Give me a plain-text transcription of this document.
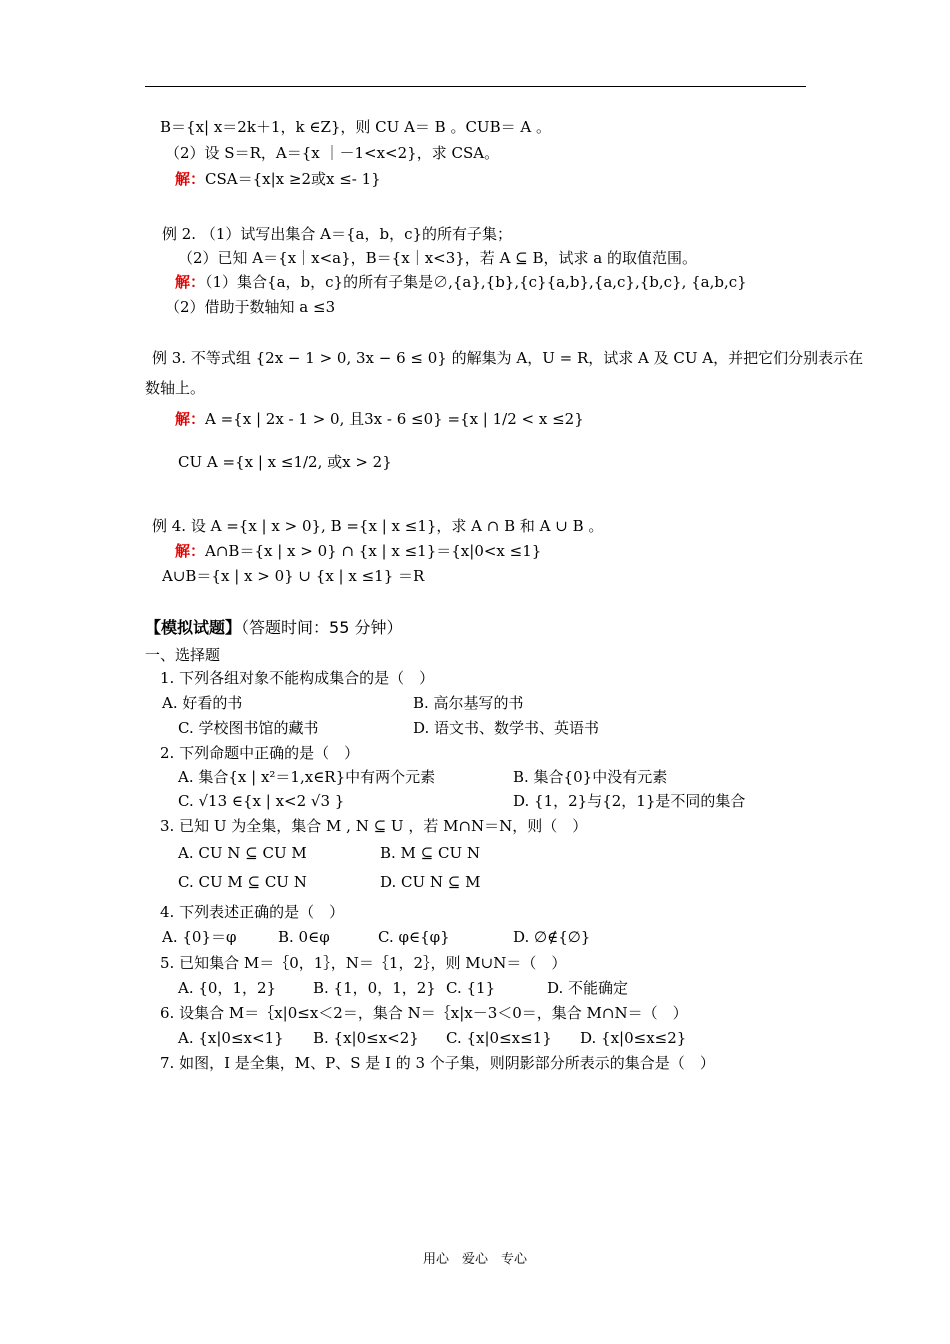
B＝{x| x＝2k＋1，k ∈Z}，则 CU A＝ B 。CUB＝ A 。
（2）设 S＝R，A＝{x ｜－1<x<2}，求 CSA。
解：CSA＝{x|x ≥2或x ≤- 1}
例 2. （1）试写出集合 A＝{a，b，c}的所有子集；
（2）已知 A＝{x｜x<a}，B＝{x｜x<3}，若 A ⊆ B，试求 a 的取值范围。
解：（1）集合{a，b，c}的所有子集是∅,{a},{b},{c}{a,b},{a,c},{b,c}, {a,b,c}
（2）借助于数轴知 a ≤3
例 3. 不等式组 {2x − 1 > 0, 3x − 6 ≤ 0} 的解集为 A，U = R，试求 A 及 CU A，并把它们分别表示在
数轴上。
解：A ={x | 2x - 1 > 0, 且3x - 6 ≤0} ={x | 1/2 < x ≤2}
CU A ={x | x ≤1/2, 或x > 2}
例 4. 设 A ={x | x > 0}, B ={x | x ≤1}，求 A ∩ B 和 A ∪ B 。
解：A∩B＝{x | x > 0} ∩ {x | x ≤1}＝{x|0<x ≤1}
A∪B＝{x | x > 0} ∪ {x | x ≤1} ＝R
【模拟试题】（答题时间：55 分钟）
一、选择题
1. 下列各组对象不能构成集合的是（　）
A. 好看的书	B. 高尔基写的书
C. 学校图书馆的藏书	D. 语文书、数学书、英语书
2. 下列命题中正确的是（　）
A. 集合{x | x²＝1,x∈R}中有两个元素	B. 集合{0}中没有元素
C. √13 ∈{x | x<2 √3 }	D. {1，2}与{2，1}是不同的集合
3. 已知 U 为全集，集合 M , N ⊆ U ，若 M∩N＝N，则（　）
A. CU N ⊆ CU M	B. M ⊆ CU N
C. CU M ⊆ CU N	D. CU N ⊆ M
4. 下列表述正确的是（　）
A. {0}＝φ	B. 0∈φ	C. φ∈{φ}	D. ∅∉{∅}
5. 已知集合 M＝｛0，1｝，N＝｛1，2｝，则 M∪N＝（　）
A. {0，1，2} B. {1，0，1，2} C. {1}	D. 不能确定
6. 设集合 M＝｛x|0≤x＜2＝，集合 N＝｛x|x－3＜0＝，集合 M∩N＝（　）
A. {x|0≤x<1} B. {x|0≤x<2} C. {x|0≤x≤1} D. {x|0≤x≤2}
7. 如图，I 是全集，M、P、S 是 I 的 3 个子集，则阴影部分所表示的集合是（　）
用心　爱心　专心
